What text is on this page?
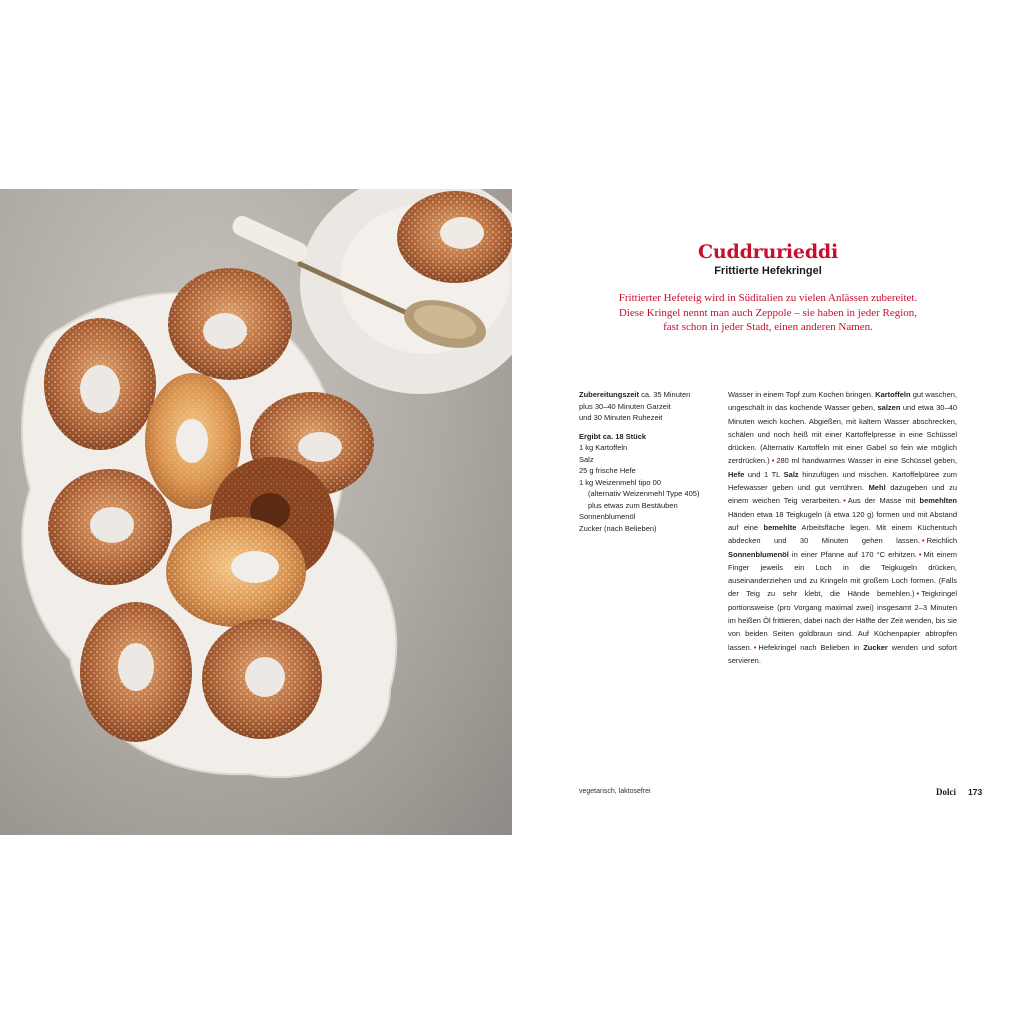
Cuddrurieddi
Frittierte Hefekringel

Frittierter Hefeteig wird in Süditalien zu vielen Anlässen zubereitet.
Diese Kringel nennt man auch Zeppole – sie haben in jeder Region,
fast schon in jeder Stadt, einen anderen Namen.

Zubereitungszeit ca. 35 Minuten
plus 30–40 Minuten Garzeit
und 30 Minuten Ruhezeit
Ergibt ca. 18 Stück
1 kg Kartoffeln
Salz
25 g frische Hefe
1 kg Weizenmehl tipo 00
(alternativ Weizenmehl Type 405)
plus etwas zum Bestäuben
Sonnenblumenöl
Zucker (nach Belieben)

Wasser in einem Topf zum Kochen bringen. Kartoffeln gut waschen, ungeschält in das kochende Wasser geben, salzen und etwa 30–40 Minuten weich kochen. Abgießen, mit kaltem Wasser abschrecken, schälen und noch heiß mit einer Kartoffelpresse in eine Schüssel drücken. (Alternativ Kartoffeln mit einer Gabel so fein wie möglich zerdrücken.) • 280 ml handwarmes Wasser in eine Schüssel geben, Hefe und 1 TL Salz hinzufügen und mischen. Kartoffelpüree zum Hefewasser geben und gut verrühren. Mehl dazugeben und zu einem weichen Teig verarbeiten. • Aus der Masse mit bemehlten Händen etwa 18 Teigkugeln (à etwa 120 g) formen und mit Abstand auf eine bemehlte Arbeitsfläche legen. Mit einem Küchentuch abdecken und 30 Minuten gehen lassen. • Reichlich Sonnenblumenöl in einer Pfanne auf 170 °C erhitzen. • Mit einem Finger jeweils ein Loch in die Teigkugeln drücken, auseinanderziehen und zu Kringeln mit großem Loch formen. (Falls der Teig zu sehr klebt, die Hände bemehlen.) • Teigkringel portionsweise (pro Vorgang maximal zwei) insgesamt 2–3 Minuten im heißen Öl frittieren, dabei nach der Hälfte der Zeit wenden, bis sie von beiden Seiten goldbraun sind. Auf Küchenpapier abtropfen lassen. • Hefekringel nach Belieben in Zucker wenden und sofort servieren.

vegetarisch, laktosefrei	Dolci 173
